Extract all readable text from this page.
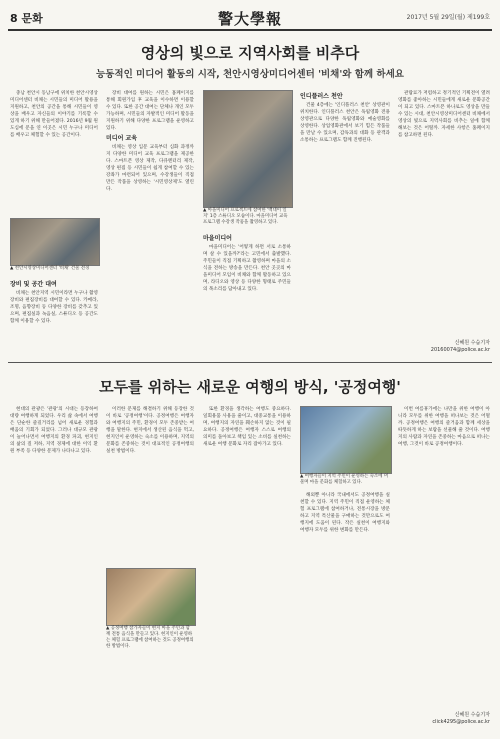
8 문화	警大學報	2017년 5월 29일(월) 제199호
영상의 빛으로 지역사회를 비추다
능동적인 미디어 활동의 시작, 천안시영상미디어센터 '비채'와 함께 하세요

충남 천안시 동남구에 위치한 천안시영상미디어센터 비채는 시민들의 미디어 활용을 지원하고, 천안의 공간을 통해 시민들이 영상을 배우고 자신들의 이야기를 기록할 수 있게 하기 위해 만들어졌다. 2016년 9월 원도심에 문을 연 이곳은 시민 누구나 미디어를 배우고 체험할 수 있는 공간이다.

▲ 천안시영상미디어센터 '비채' 건물 전경
장비 및 공간 대여

비채는 천안지역 시민이라면 누구나 촬영장비와 편집장비를 대여할 수 있다. 카메라, 조명, 음향장비 등 다양한 장비를 갖추고 있으며, 편집실과 녹음실, 스튜디오 등 공간도 함께 이용할 수 있다.

장비 대여를 원하는 시민은 홈페이지를 통해 회원가입 후 교육을 이수하면 이용할 수 있다. 또한 공간 대여는 단체나 개인 모두 가능하며, 시민들의 자발적인 미디어 활동을 지원하기 위해 다양한 프로그램을 운영하고 있다.

미디어 교육

비채는 영상 입문 교육부터 심화 과정까지 다양한 미디어 교육 프로그램을 제공한다. 스마트폰 영상 제작, 다큐멘터리 제작, 영상 편집 등 시민들이 쉽게 참여할 수 있는 강좌가 마련되어 있으며, 수강생들이 직접 만든 작품을 상영하는 '시민영상제'도 열린다.

▲ 마을미디어 프로젝트에 참여한 '백대이 일지' 1층 스튜디오 모습이다. 마을미디어 교육 프로그램 수강생 작품을 촬영하고 있다.
마을미디어

마을미디어는 '어떻게 하면 서로 소통하며 살 수 있을까?'라는 고민에서 출발했다. 주민들이 직접 기획하고 촬영하며 마을의 소식을 전하는 방송을 만든다. 천안 곳곳의 마을미디어 모임이 비채와 함께 활동하고 있으며, 라디오와 영상 등 다양한 형태로 주민들의 목소리를 담아내고 있다.

인디플러스 천안

건물 4층에는 '인디플러스 천안' 상영관이 위치한다. 인디플러스 천안은 독립영화 전용 상영관으로 다양한 독립영화와 예술영화를 상영한다. 상업영화관에서 보기 힘든 작품들을 만날 수 있으며, 감독과의 대화 등 관객과 소통하는 프로그램도 함께 진행된다.

관람료가 저렴하고 정기적인 기획전이 열려 영화를 좋아하는 시민들에게 새로운 문화공간이 되고 있다. 스마트폰 하나로도 영상을 만들 수 있는 시대, 천안시영상미디어센터 비채에서 영상의 빛으로 지역사회를 비추는 일에 함께 해보는 것은 어떨까. 자세한 사항은 홈페이지를 참고하면 된다.

신혜원 수습기자
20160074@police.ac.kr
모두를 위하는 새로운 여행의 방식, '공정여행'

현대의 관광은 '관광'의 시대는 등장하여 대량 여행하게 되었다. 우리 삶 속에서 여행은 단순한 즐길거리를 넘어 새로운 경험과 배움의 기회가 되었다. 그러나 대규모 관광이 늘어나면서 여행지의 환경 파괴, 현지인의 삶의 질 저하, 지역 경제에 대한 이익 환원 부족 등 다양한 문제가 나타나고 있다.

이러한 문제를 해결하기 위해 등장한 것이 바로 '공정여행'이다. 공정여행은 여행자와 여행지의 주민, 환경이 모두 존중받는 여행을 말한다. 현지에서 생산된 음식을 먹고, 현지인이 운영하는 숙소를 이용하며, 지역의 문화를 존중하는 것이 대표적인 공정여행의 실천 방법이다.

▲ 공정여행 참가자들이 현지 마을 주민과 함께 전통 음식을 만들고 있다. 현지인이 운영하는 체험 프로그램에 참여하는 것도 공정여행의 한 방법이다.

또한 환경을 생각하는 여행도 중요하다. 일회용품 사용을 줄이고, 대중교통을 이용하며, 여행지의 자연을 훼손하지 않는 것이 필요하다. 공정여행은 여행자 스스로 여행의 의미를 돌아보고 책임 있는 소비를 실천하는 새로운 여행 문화로 자리 잡아가고 있다.

▲ 여행자들이 지역 주민이 운영하는 숙소에 머물며 마을 문화를 체험하고 있다.

해외뿐 아니라 국내에서도 공정여행을 실천할 수 있다. 지역 주민이 직접 운영하는 체험 프로그램에 참여하거나, 전통시장을 방문하고 지역 특산물을 구매하는 것만으로도 여행지에 도움이 된다. 작은 실천이 여행지와 여행자 모두를 위한 변화를 만든다.

이번 여름휴가에는 나만을 위한 여행이 아니라 모두를 위한 여행을 떠나보는 것은 어떨까. 공정여행은 여행의 즐거움과 함께 세상을 따뜻하게 하는 보람을 선물해 줄 것이다. 여행지의 사람과 자연을 존중하는 마음으로 떠나는 여행, 그것이 바로 공정여행이다.

신혜원 수습기자
click4295@police.ac.kr
